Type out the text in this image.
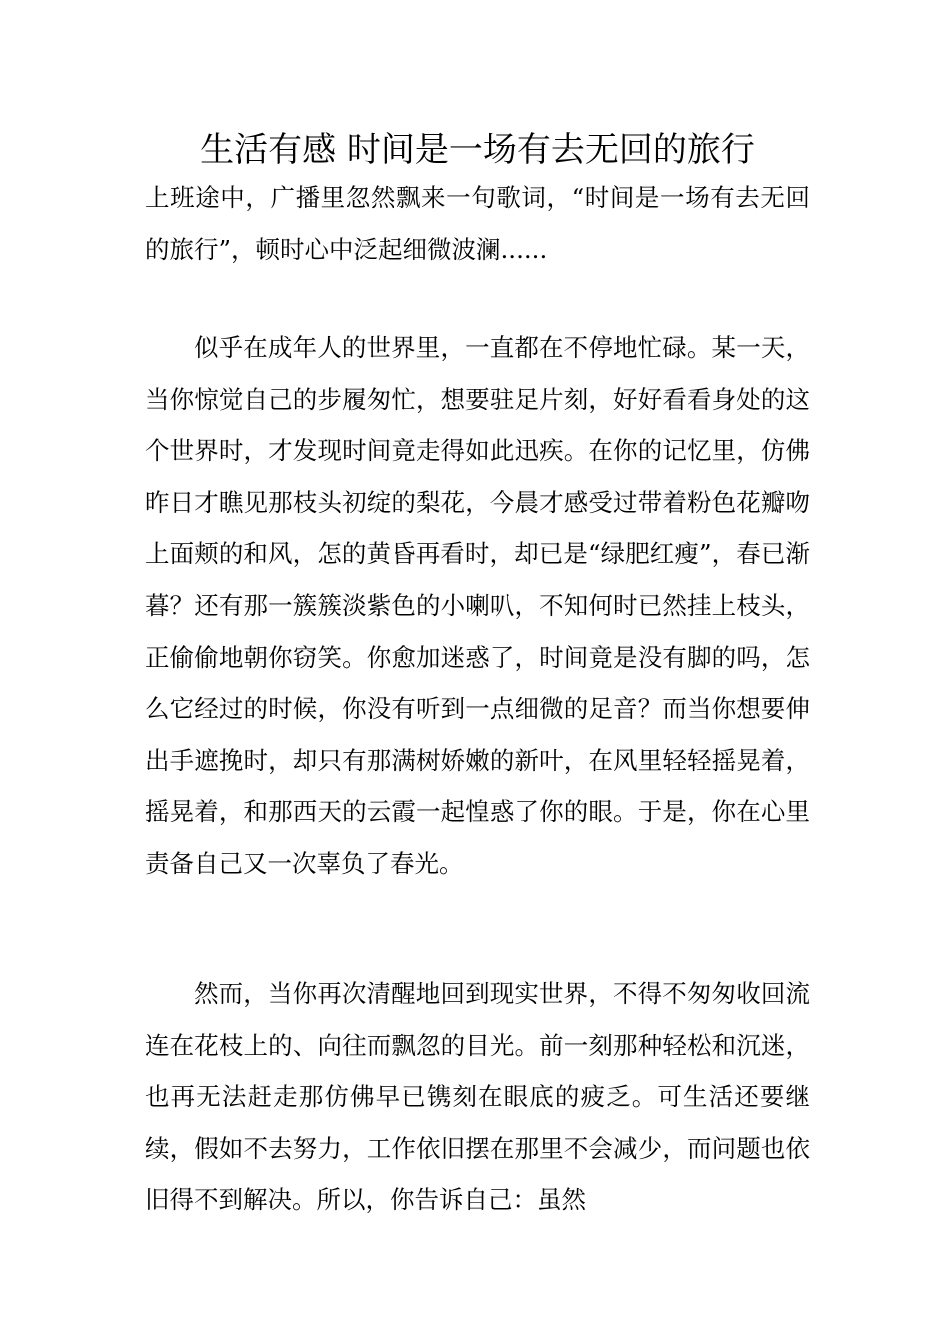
生活有感 时间是一场有去无回的旅行

上班途中，广播里忽然飘来一句歌词，“时间是一场有去无回的旅行”，顿时心中泛起细微波澜......

似乎在成年人的世界里，一直都在不停地忙碌。某一天，当你惊觉自己的步履匆忙，想要驻足片刻，好好看看身处的这个世界时，才发现时间竟走得如此迅疾。在你的记忆里，仿佛昨日才瞧见那枝头初绽的梨花，今晨才感受过带着粉色花瓣吻上面颊的和风，怎的黄昏再看时，却已是“绿肥红瘦”，春已渐暮？还有那一簇簇淡紫色的小喇叭，不知何时已然挂上枝头，正偷偷地朝你窃笑。你愈加迷惑了，时间竟是没有脚的吗，怎么它经过的时候，你没有听到一点细微的足音？而当你想要伸出手遮挽时，却只有那满树娇嫩的新叶，在风里轻轻摇晃着，摇晃着，和那西天的云霞一起惶惑了你的眼。于是，你在心里责备自己又一次辜负了春光。

然而，当你再次清醒地回到现实世界，不得不匆匆收回流连在花枝上的、向往而飘忽的目光。前一刻那种轻松和沉迷，也再无法赶走那仿佛早已镌刻在眼底的疲乏。可生活还要继续，假如不去努力，工作依旧摆在那里不会减少，而问题也依旧得不到解决。所以，你告诉自己：虽然
